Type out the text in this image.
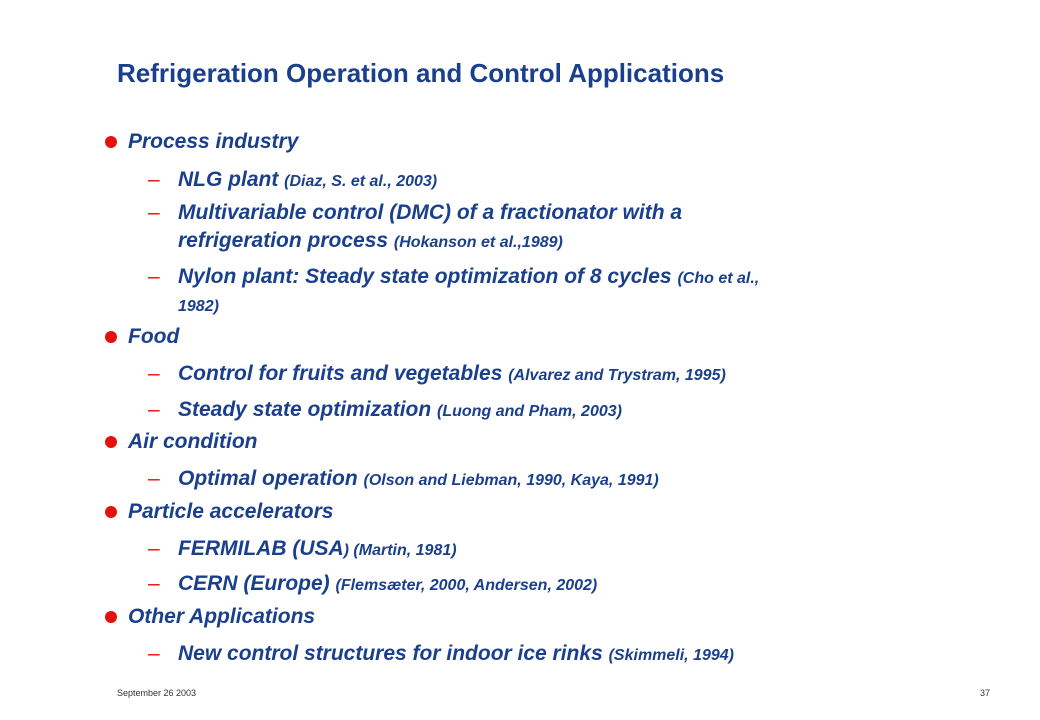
Refrigeration Operation and Control Applications
Process industry
– NLG plant (Diaz, S. et al., 2003)
– Multivariable control (DMC) of a fractionator with a
refrigeration process (Hokanson et al.,1989)
– Nylon plant: Steady state optimization of 8 cycles (Cho et al.,
1982)
Food
– Control for fruits and vegetables (Alvarez and Trystram, 1995)
– Steady state optimization (Luong and Pham, 2003)
Air condition
– Optimal operation (Olson and Liebman, 1990, Kaya, 1991)
Particle accelerators
– FERMILAB (USA) (Martin, 1981)
– CERN (Europe) (Flemsæter, 2000, Andersen, 2002)
Other Applications
– New control structures for indoor ice rinks (Skimmeli, 1994)
September 26 2003	37
